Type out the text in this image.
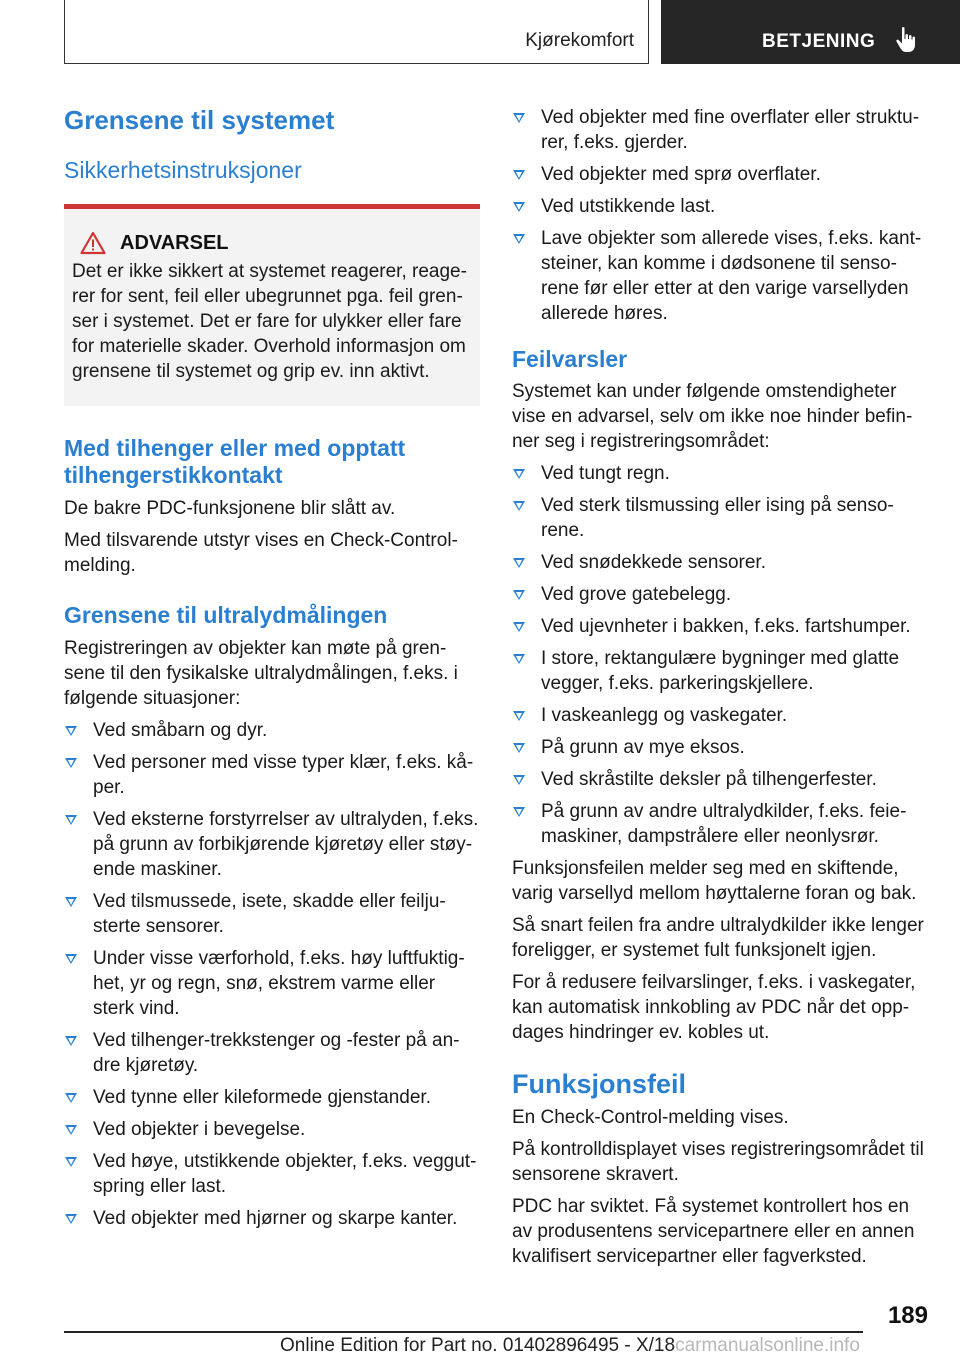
Kjørekomfort	BETJENING
Grensene til systemet
Sikkerhetsinstruksjoner
ADVARSEL

Det er ikke sikkert at systemet reagerer, reagerer for sent, feil eller ubegrunnet pga. feil grenser i systemet. Det er fare for ulykker eller fare for materielle skader. Overhold informasjon om grensene til systemet og grip ev. inn aktivt.

Med tilhenger eller med opptatt tilhengerstikkontakt

De bakre PDC-funksjonene blir slått av.

Med tilsvarende utstyr vises en Check-Control-melding.

Grensene til ultralydmålingen

Registreringen av objekter kan møte på grensene til den fysikalske ultralydmålingen, f.eks. i følgende situasjoner:

Ved småbarn og dyr.
Ved personer med visse typer klær, f.eks. kåper.
Ved eksterne forstyrrelser av ultralyden, f.eks. på grunn av forbikjørende kjøretøy eller støyende maskiner.
Ved tilsmussede, isete, skadde eller feiljusterte sensorer.
Under visse værforhold, f.eks. høy luftfuktighet, yr og regn, snø, ekstrem varme eller sterk vind.
Ved tilhenger-trekkstenger og -fester på andre kjøretøy.
Ved tynne eller kileformede gjenstander.
Ved objekter i bevegelse.
Ved høye, utstikkende objekter, f.eks. veggutspring eller last.
Ved objekter med hjørner og skarpe kanter.
Ved objekter med fine overflater eller strukturer, f.eks. gjerder.
Ved objekter med sprø overflater.
Ved utstikkende last.
Lave objekter som allerede vises, f.eks. kantsteiner, kan komme i dødsonene til sensorene før eller etter at den varige varsellyden allerede høres.
Feilvarsler

Systemet kan under følgende omstendigheter vise en advarsel, selv om ikke noe hinder befinner seg i registreringsområdet:

Ved tungt regn.
Ved sterk tilsmussing eller ising på sensorene.
Ved snødekkede sensorer.
Ved grove gatebelegg.
Ved ujevnheter i bakken, f.eks. fartshumper.
I store, rektangulære bygninger med glatte vegger, f.eks. parkeringskjellere.
I vaskeanlegg og vaskegater.
På grunn av mye eksos.
Ved skråstilte deksler på tilhengerfester.
På grunn av andre ultralydkilder, f.eks. feiemaskiner, dampstrålere eller neonlysrør.

Funksjonsfeilen melder seg med en skiftende, varig varsellyd mellom høyttalerne foran og bak.

Så snart feilen fra andre ultralydkilder ikke lenger foreligger, er systemet fult funksjonelt igjen.

For å redusere feilvarslinger, f.eks. i vaskegater, kan automatisk innkobling av PDC når det oppdages hindringer ev. kobles ut.

Funksjonsfeil

En Check-Control-melding vises.

På kontrolldisplayet vises registreringsområdet til sensorene skravert.

PDC har sviktet. Få systemet kontrollert hos en av produsentens servicepartnere eller en annen kvalifisert servicepartner eller fagverksted.

189
Online Edition for Part no. 01402896495 - X/18carmanualsonline.info
